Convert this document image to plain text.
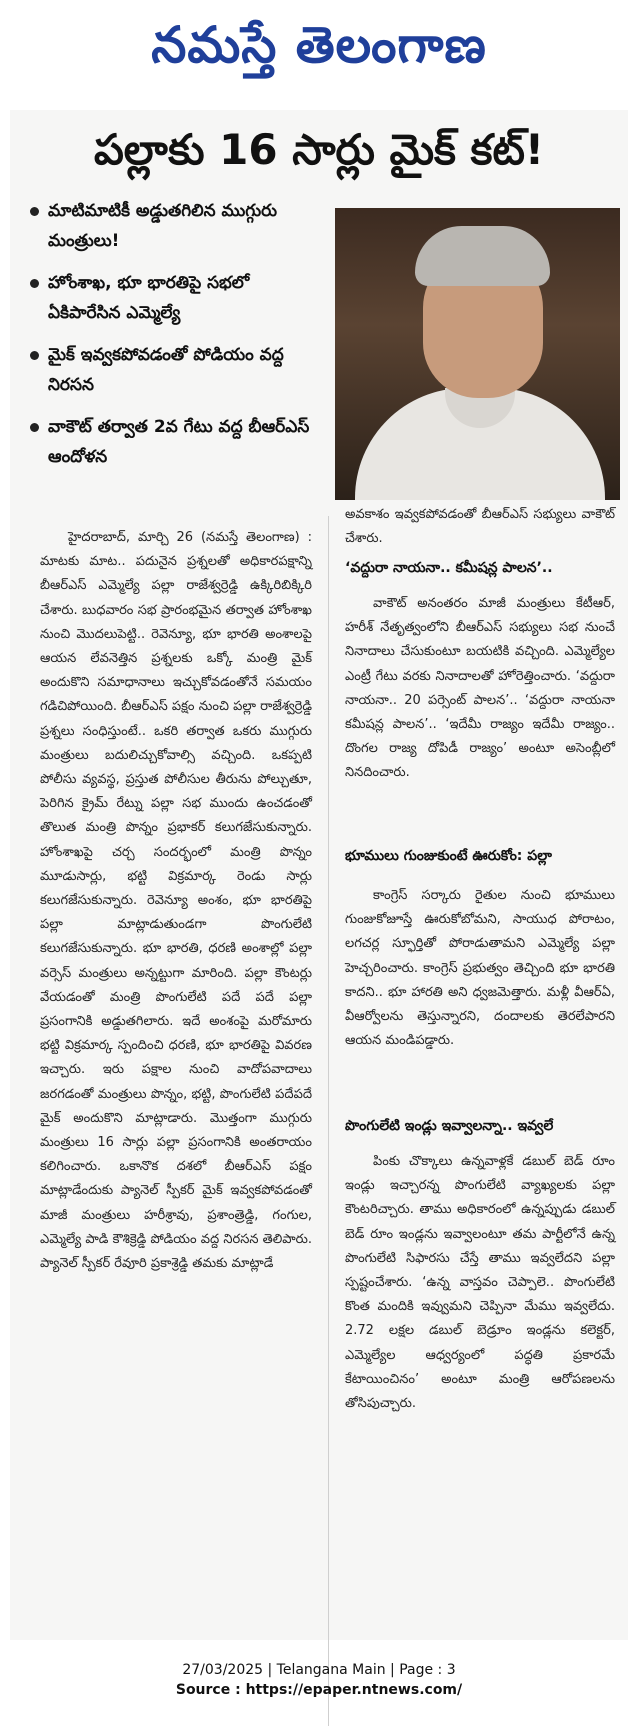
నమస్తే తెలంగాణ
పల్లాకు 16 సార్లు మైక్ కట్!
మాటిమాటికీ అడ్డుతగిలిన ముగ్గురు మంత్రులు!
హోంశాఖ, భూ భారతిపై సభలో ఏకిపారేసిన ఎమ్మెల్యే
మైక్ ఇవ్వకపోవడంతో పోడియం వద్ద నిరసన
వాకౌట్ తర్వాత 2వ గేటు వద్ద బీఆర్ఎస్ ఆందోళన

హైదరాబాద్, మార్చి 26 (నమస్తే తెలంగాణ) : మాటకు మాట.. పదునైన ప్రశ్నలతో అధికారపక్షాన్ని బీఆర్ఎస్ ఎమ్మెల్యే పల్లా రాజేశ్వర్రెడ్డి ఉక్కిరిబిక్కిరి చేశారు. బుధవారం సభ ప్రారంభమైన తర్వాత హోంశాఖ నుంచి మొదలుపెట్టి.. రెవెన్యూ, భూ భారతి అంశాలపై ఆయన లేవనెత్తిన ప్రశ్నలకు ఒక్కో మంత్రి మైక్ అందుకొని సమాధానాలు ఇచ్చుకోవడంతోనే సమయం గడిచిపోయింది. బీఆర్ఎస్ పక్షం నుంచి పల్లా రాజేశ్వర్రెడ్డి ప్రశ్నలు సంధిస్తుంటే.. ఒకరి తర్వాత ఒకరు ముగ్గురు మంత్రులు బదులిచ్చుకోవాల్సి వచ్చింది. ఒకప్పటి పోలీసు వ్యవస్థ, ప్రస్తుత పోలీసుల తీరును పోల్చుతూ, పెరిగిన క్రైమ్ రేట్ను పల్లా సభ ముందు ఉంచడంతో తొలుత మంత్రి పొన్నం ప్రభాకర్ కలుగజేసుకున్నారు. హోంశాఖపై చర్చ సందర్భంలో మంత్రి పొన్నం మూడుసార్లు, భట్టి విక్రమార్క రెండు సార్లు కలుగజేసుకున్నారు. రెవెన్యూ అంశం, భూ భారతిపై పల్లా మాట్లాడుతుండగా పొంగులేటి కలుగజేసుకున్నారు. భూ భారతి, ధరణి అంశాల్లో పల్లా వర్సెస్ మంత్రులు అన్నట్టుగా మారింది. పల్లా కౌంటర్లు వేయడంతో మంత్రి పొంగులేటి పదే పదే పల్లా ప్రసంగానికి అడ్డుతగిలారు. ఇదే అంశంపై మరోమారు భట్టి విక్రమార్క స్పందించి ధరణి, భూ భారతిపై వివరణ ఇచ్చారు. ఇరు పక్షాల నుంచి వాదోపవాదాలు జరగడంతో మంత్రులు పొన్నం, భట్టి, పొంగులేటి పదేపదే మైక్ అందుకొని మాట్లాడారు. మొత్తంగా ముగ్గురు మంత్రులు 16 సార్లు పల్లా ప్రసంగానికి అంతరాయం కలిగించారు. ఒకానొక దశలో బీఆర్ఎస్ పక్షం మాట్లాడేందుకు ప్యానెల్ స్పీకర్ మైక్ ఇవ్వకపోవడంతో మాజీ మంత్రులు హరీశ్రావు, ప్రశాంత్రెడ్డి, గంగుల, ఎమ్మెల్యే పాడి కౌశిక్రెడ్డి పోడియం వద్ద నిరసన తెలిపారు. ప్యానెల్ స్పీకర్ రేవూరి ప్రకాశ్రెడ్డి తమకు మాట్లాడే

అవకాశం ఇవ్వకపోవడంతో బీఆర్ఎస్ సభ్యులు వాకౌట్ చేశారు.

‘వద్దురా నాయనా.. కమీషన్ల పాలన’..

వాకౌట్ అనంతరం మాజీ మంత్రులు కేటీఆర్, హరీశ్ నేతృత్వంలోని బీఆర్ఎస్ సభ్యులు సభ నుంచే నినాదాలు చేసుకుంటూ బయటికి వచ్చింది. ఎమ్మెల్యేల ఎంట్రీ గేటు వరకు నినాదాలతో హోరెత్తించారు. ‘వద్దురా నాయనా.. 20 పర్సెంట్ పాలన’.. ‘వద్దురా నాయనా కమీషన్ల పాలన’.. ‘ఇదేమీ రాజ్యం ఇదేమీ రాజ్యం.. దొంగల రాజ్య దోపిడీ రాజ్యం’ అంటూ అసెంబ్లీలో నినదించారు.

భూములు గుంజుకుంటే ఊరుకోం: పల్లా

కాంగ్రెస్ సర్కారు రైతుల నుంచి భూములు గుంజుకోజూస్తే ఊరుకోబోమని, సాయుధ పోరాటం, లగచర్ల స్ఫూర్తితో పోరాడుతామని ఎమ్మెల్యే పల్లా హెచ్చరించారు. కాంగ్రెస్ ప్రభుత్వం తెచ్చింది భూ భారతి కాదని.. భూ హారతి అని ధ్వజమెత్తారు. మళ్లీ వీఆర్ఏ, వీఆర్వోలను తెస్తున్నారని, దందాలకు తెరలేపారని ఆయన మండిపడ్డారు.

పొంగులేటి ఇండ్లు ఇవ్వాలన్నా.. ఇవ్వలే

పింకు చొక్కాలు ఉన్నవాళ్లకే డబుల్ బెడ్ రూం ఇండ్లు ఇచ్చారన్న పొంగులేటి వ్యాఖ్యలకు పల్లా కౌంటరిచ్చారు. తాము అధికారంలో ఉన్నప్పుడు డబుల్ బెడ్ రూం ఇండ్లను ఇవ్వాలంటూ తమ పార్టీలోనే ఉన్న పొంగులేటి సిఫారసు చేస్తే తాము ఇవ్వలేదని పల్లా స్పష్టంచేశారు. ‘ఉన్న వాస్తవం చెప్పాలె.. పొంగులేటి కొంత మందికి ఇవ్వుమని చెప్పినా మేము ఇవ్వలేదు. 2.72 లక్షల డబుల్ బెడ్రూం ఇండ్లను కలెక్టర్, ఎమ్మెల్యేల ఆధ్వర్యంలో పద్ధతి ప్రకారమే కేటాయించినం’ అంటూ మంత్రి ఆరోపణలను తోసిపుచ్చారు.

27/03/2025 | Telangana Main | Page : 3
Source : https://epaper.ntnews.com/
